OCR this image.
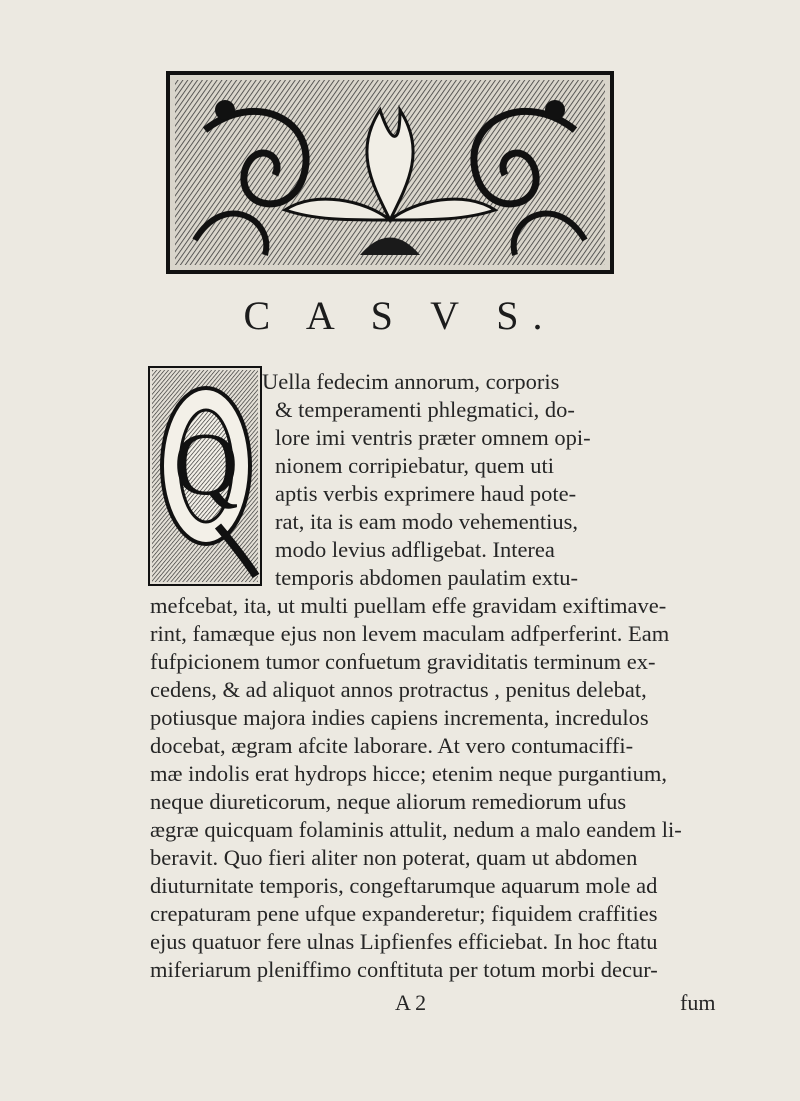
C A S V S.
Q
Uella fedecim annorum, corporis
& temperamenti phlegmatici, do-
lore imi ventris præter omnem opi-
nionem corripiebatur, quem uti
aptis verbis exprimere haud pote-
rat, ita is eam modo vehementius,
modo levius adfligebat. Interea
temporis abdomen paulatim extu-
mefcebat, ita, ut multi puellam effe gravidam exiftimave-
rint, famæque ejus non levem maculam adfperferint. Eam
fufpicionem tumor confuetum graviditatis terminum ex-
cedens, & ad aliquot annos protractus , penitus delebat,
potiusque majora indies capiens incrementa, incredulos
docebat, ægram afcite laborare. At vero contumaciffi-
mæ indolis erat hydrops hicce; etenim neque purgantium,
neque diureticorum, neque aliorum remediorum ufus
ægræ quicquam folaminis attulit, nedum a malo eandem li-
beravit. Quo fieri aliter non poterat, quam ut abdomen
diuturnitate temporis, congeftarumque aquarum mole ad
crepaturam pene ufque expanderetur; fiquidem craffities
ejus quatuor fere ulnas Lipfienfes efficiebat. In hoc ftatu
miferiarum pleniffimo conftituta per totum morbi decur-
A 2	fum
